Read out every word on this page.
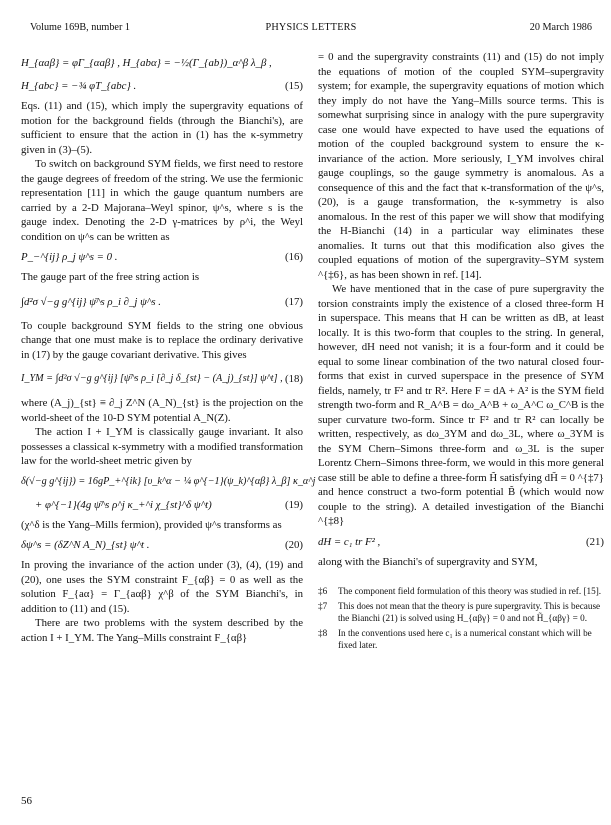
Volume 169B, number 1	PHYSICS LETTERS	20 March 1986
H_{αaβ} = φΓ_{αaβ} , H_{abα} = −½(Γ_{ab})_α^β λ_β ,
H_{abc} = −¾ φT_{abc} .	(15)

Eqs. (11) and (15), which imply the supergravity equations of motion for the background fields (through the Bianchi's), are sufficient to ensure that the action in (1) has the κ-symmetry given in (3)–(5).

To switch on background SYM fields, we first need to restore the gauge degrees of freedom of the string. We use the fermionic representation [11] in which the gauge quantum numbers are carried by a 2-D Majorana–Weyl spinor, ψ^s, where s is the gauge index. Denoting the 2-D γ-matrices by ρ^i, the Weyl condition on ψ^s can be written as

P_−^{ij} ρ_j ψ^s = 0 .	(16)

The gauge part of the free string action is

∫d²σ √−g g^{ij} ψ̄^s ρ_i ∂_j ψ^s .	(17)

To couple background SYM fields to the string one obvious change that one must make is to replace the ordinary derivative in (17) by the gauge covariant derivative. This gives

I_YM = ∫d²σ √−g g^{ij} [ψ̄^s ρ_i [∂_j δ_{st} − (A_j)_{st}] ψ^t] , (18)

where (A_j)_{st} ≡ ∂_j Z^N (A_N)_{st} is the projection on the world-sheet of the 10-D SYM potential A_N(Z).

The action I + I_YM is classically gauge invariant. It also possesses a classical κ-symmetry with a modified transformation law for the world-sheet metric given by

δ(√−g g^{ij}) = 16gP_+^{ik} [υ_k^α − ¼ φ^{−1}(ψ_k)^{αβ} λ_β] κ_α^j
+ φ^{−1}(4g ψ̄^s ρ^j κ_+^i χ_{st}^δ ψ^t)	(19)

(χ^δ is the Yang–Mills fermion), provided ψ^s transforms as

δψ^s = (δZ^N A_N)_{st} ψ^t .	(20)

In proving the invariance of the action under (3), (4), (19) and (20), one uses the SYM constraint F_{αβ} = 0 as well as the solution F_{aα} = Γ_{aαβ} χ^β of the SYM Bianchi's, in addition to (11) and (15).

There are two problems with the system described by the action I + I_YM. The Yang–Mills constraint F_{αβ}

= 0 and the supergravity constraints (11) and (15) do not imply the equations of motion of the coupled SYM–supergravity system; for example, the supergravity equations of motion which they imply do not have the Yang–Mills source terms. This is somewhat surprising since in analogy with the pure supergravity case one would have expected to have used the equations of motion of the coupled background system to ensure the κ-invariance of the action. More seriously, I_YM involves chiral gauge couplings, so the gauge symmetry is anomalous. As a consequence of this and the fact that κ-transformation of the ψ^s, (20), is a gauge transformation, the κ-symmetry is also anomalous. In the rest of this paper we will show that modifying the H-Bianchi (14) in a particular way eliminates these anomalies. It turns out that this modification also gives the coupled equations of motion of the supergravity–SYM system ^{‡6}, as has been shown in ref. [14].

We have mentioned that in the case of pure supergravity the torsion constraints imply the existence of a closed three-form H in superspace. This means that H can be written as dB, at least locally. It is this two-form that couples to the string. In general, however, dH need not vanish; it is a four-form and it could be equal to some linear combination of the two natural closed four-forms that exist in curved superspace in the presence of SYM fields, namely, tr F² and tr R². Here F = dA + A² is the SYM field strength two-form and R_A^B = dω_A^B + ω_A^C ω_C^B is the super curvature two-form. Since tr F² and tr R² can locally be written, respectively, as dω_3YM and dω_3L, where ω_3YM is the SYM Chern–Simons three-form and ω_3L is the super Lorentz Chern–Simons three-form, we would in this more general case still be able to define a three-form H̃ satisfying dH̃ = 0 ^{‡7} and hence construct a two-form potential B̃ (which would now couple to the string). A detailed investigation of the Bianchi ^{‡8}

dH = c₁ tr F² ,	(21)

along with the Bianchi's of supergravity and SYM,

‡6 The component field formulation of this theory was studied in ref. [15].
‡7 This does not mean that the theory is pure supergravity. This is because the Bianchi (21) is solved using H_{αβγ} = 0 and not H̃_{αβγ} = 0.
‡8 In the conventions used here c₁ is a numerical constant which will be fixed later.
56
